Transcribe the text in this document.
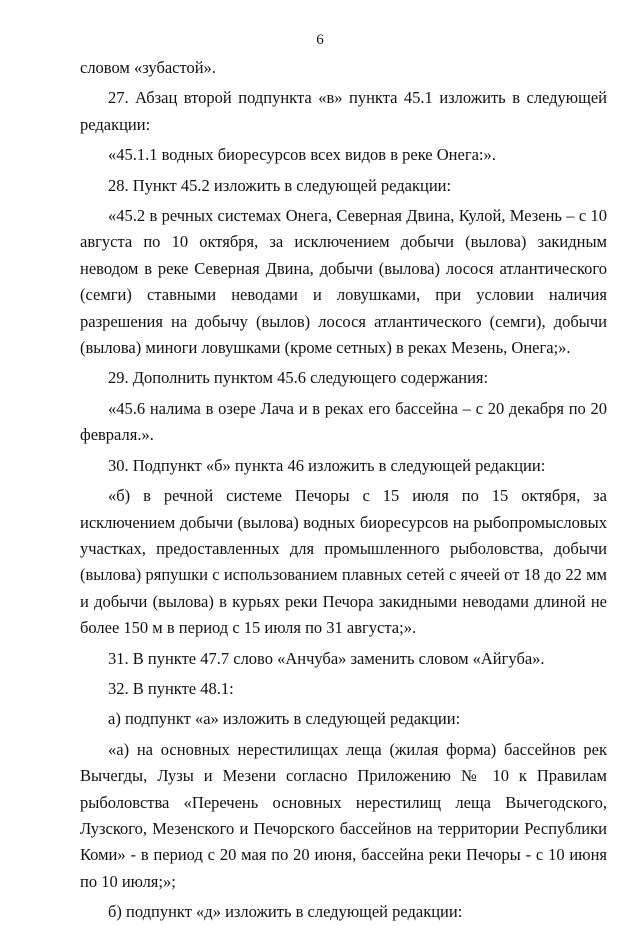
6

словом «зубастой».

27. Абзац второй подпункта «в» пункта 45.1 изложить в следующей редакции:

«45.1.1 водных биоресурсов всех видов в реке Онега:».

28. Пункт 45.2 изложить в следующей редакции:

«45.2 в речных системах Онега, Северная Двина, Кулой, Мезень – с 10 августа по 10 октября, за исключением добычи (вылова) закидным неводом в реке Северная Двина, добычи (вылова) лосося атлантического (семги) ставными неводами и ловушками, при условии наличия разрешения на добычу (вылов) лосося атлантического (семги), добычи (вылова) миноги ловушками (кроме сетных) в реках Мезень, Онега;».

29. Дополнить пунктом 45.6 следующего содержания:

«45.6 налима в озере Лача и в реках его бассейна – с 20 декабря по 20 февраля.».

30. Подпункт «б» пункта 46 изложить в следующей редакции:

«б) в речной системе Печоры с 15 июля по 15 октября, за исключением добычи (вылова) водных биоресурсов на рыбопромысловых участках, предоставленных для промышленного рыболовства, добычи (вылова) ряпушки с использованием плавных сетей с ячеей от 18 до 22 мм и добычи (вылова) в курьях реки Печора закидными неводами длиной не более 150 м в период с 15 июля по 31 августа;».

31. В пункте 47.7 слово «Анчуба» заменить словом «Айгуба».

32. В пункте 48.1:

а) подпункт «а» изложить в следующей редакции:

«а) на основных нерестилищах леща (жилая форма) бассейнов рек Вычегды, Лузы и Мезени согласно Приложению № 10 к Правилам рыболовства «Перечень основных нерестилищ леща Вычегодского, Лузского, Мезенского и Печорского бассейнов на территории Республики Коми» - в период с 20 мая по 20 июня, бассейна реки Печоры - с 10 июня по 10 июля;»;

б) подпункт «д» изложить в следующей редакции:
